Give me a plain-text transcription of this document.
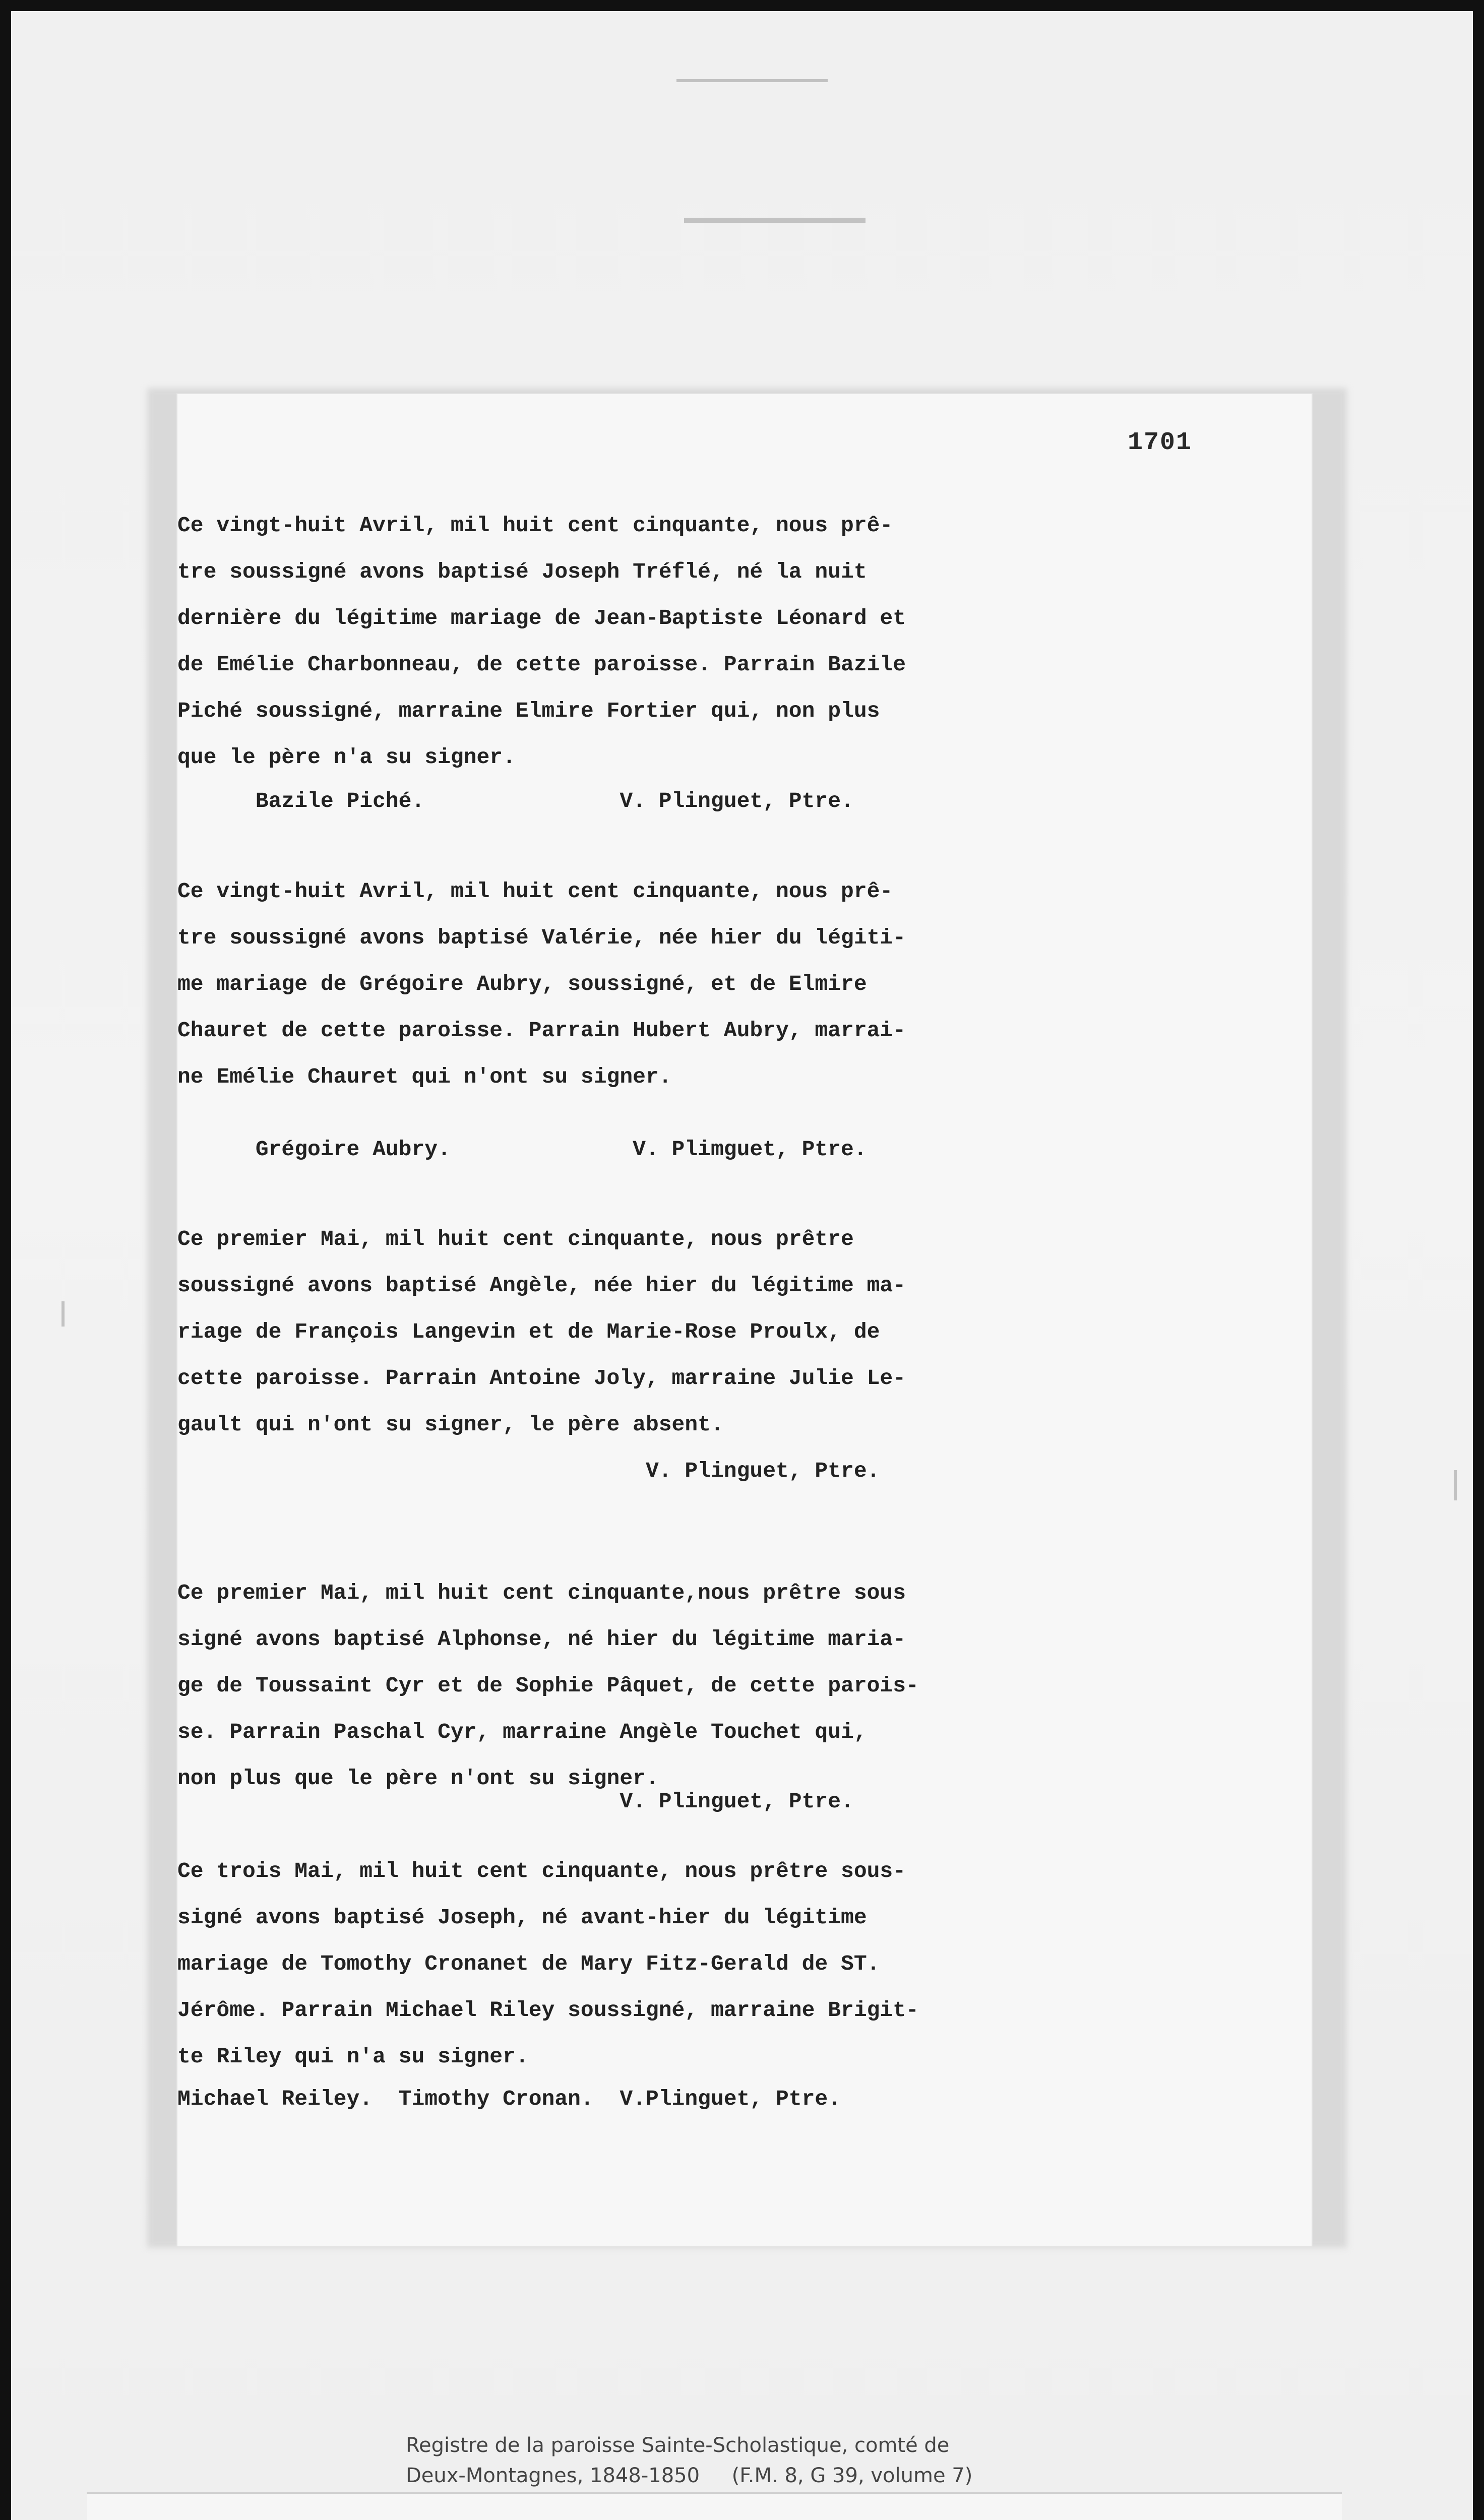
1701
Ce vingt-huit Avril, mil huit cent cinquante, nous prê-
tre soussigné avons baptisé Joseph Tréflé, né la nuit
dernière du légitime mariage de Jean-Baptiste Léonard et
de Emélie Charbonneau, de cette paroisse. Parrain Bazile
Piché soussigné, marraine Elmire Fortier qui, non plus
que le père n'a su signer.
Bazile Piché.               V. Plinguet, Ptre.
Ce vingt-huit Avril, mil huit cent cinquante, nous prê-
tre soussigné avons baptisé Valérie, née hier du légiti-
me mariage de Grégoire Aubry, soussigné, et de Elmire
Chauret de cette paroisse. Parrain Hubert Aubry, marrai-
ne Emélie Chauret qui n'ont su signer.
Grégoire Aubry.              V. Plimguet, Ptre.
Ce premier Mai, mil huit cent cinquante, nous prêtre
soussigné avons baptisé Angèle, née hier du légitime ma-
riage de François Langevin et de Marie-Rose Proulx, de
cette paroisse. Parrain Antoine Joly, marraine Julie Le-
gault qui n'ont su signer, le père absent.
V. Plinguet, Ptre.
Ce premier Mai, mil huit cent cinquante,nous prêtre sous
signé avons baptisé Alphonse, né hier du légitime maria-
ge de Toussaint Cyr et de Sophie Pâquet, de cette parois-
se. Parrain Paschal Cyr, marraine Angèle Touchet qui,
non plus que le père n'ont su signer.
V. Plinguet, Ptre.
Ce trois Mai, mil huit cent cinquante, nous prêtre sous-
signé avons baptisé Joseph, né avant-hier du légitime
mariage de Tomothy Cronanet de Mary Fitz-Gerald de ST.
Jérôme. Parrain Michael Riley soussigné, marraine Brigit-
te Riley qui n'a su signer.
Michael Reiley.  Timothy Cronan.  V.Plinguet, Ptre.
Registre de la paroisse Sainte-Scholastique, comté de
Deux-Montagnes, 1848-1850     (F.M. 8, G 39, volume 7)
